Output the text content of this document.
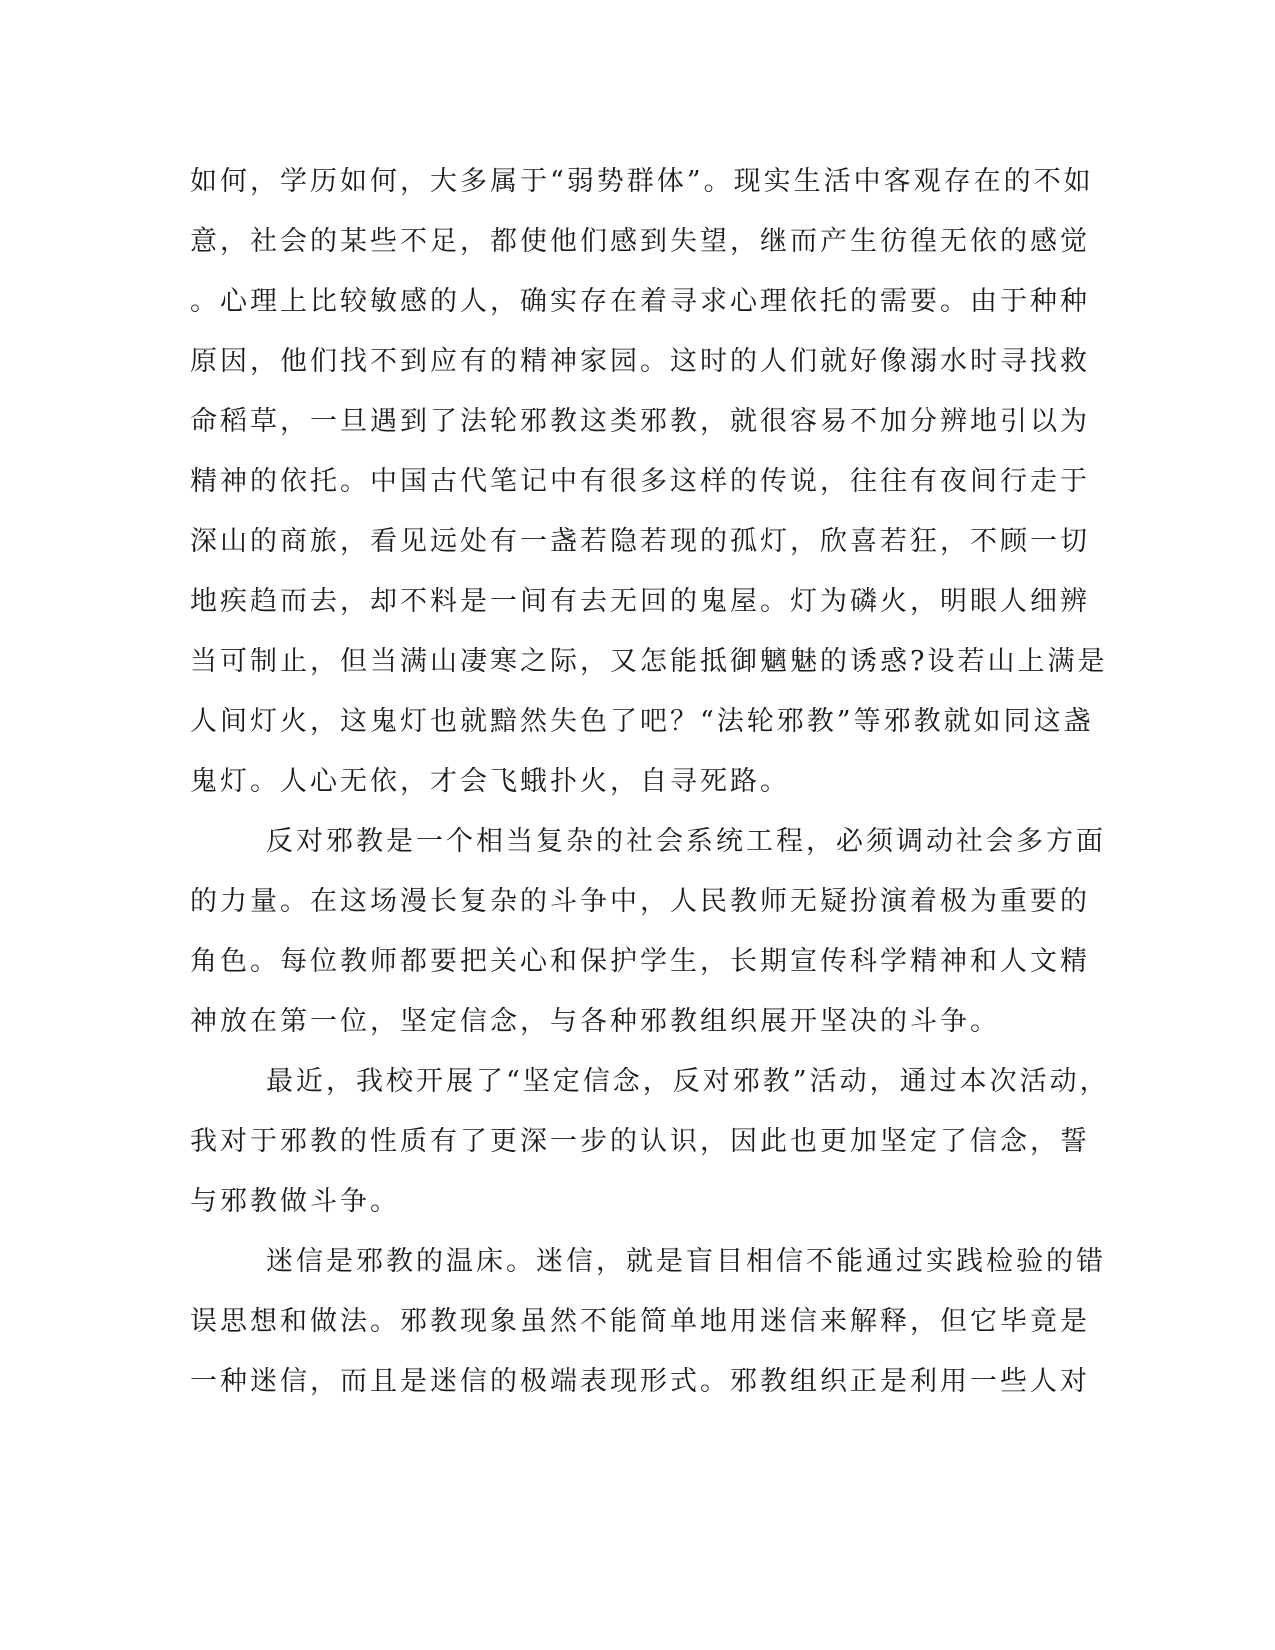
如何，学历如何，大多属于“弱势群体”。现实生活中客观存在的不如
意，社会的某些不足，都使他们感到失望，继而产生彷徨无依的感觉
。心理上比较敏感的人，确实存在着寻求心理依托的需要。由于种种
原因，他们找不到应有的精神家园。这时的人们就好像溺水时寻找救
命稻草，一旦遇到了法轮邪教这类邪教，就很容易不加分辨地引以为
精神的依托。中国古代笔记中有很多这样的传说，往往有夜间行走于
深山的商旅，看见远处有一盏若隐若现的孤灯，欣喜若狂，不顾一切
地疾趋而去，却不料是一间有去无回的鬼屋。灯为磷火，明眼人细辨
当可制止，但当满山凄寒之际，又怎能抵御魑魅的诱惑?设若山上满是
人间灯火，这鬼灯也就黯然失色了吧？“法轮邪教”等邪教就如同这盏
鬼灯。人心无依，才会飞蛾扑火，自寻死路。
反对邪教是一个相当复杂的社会系统工程，必须调动社会多方面
的力量。在这场漫长复杂的斗争中，人民教师无疑扮演着极为重要的
角色。每位教师都要把关心和保护学生，长期宣传科学精神和人文精
神放在第一位，坚定信念，与各种邪教组织展开坚决的斗争。
最近，我校开展了“坚定信念，反对邪教”活动，通过本次活动，
我对于邪教的性质有了更深一步的认识，因此也更加坚定了信念，誓
与邪教做斗争。
迷信是邪教的温床。迷信，就是盲目相信不能通过实践检验的错
误思想和做法。邪教现象虽然不能简单地用迷信来解释，但它毕竟是
一种迷信，而且是迷信的极端表现形式。邪教组织正是利用一些人对
